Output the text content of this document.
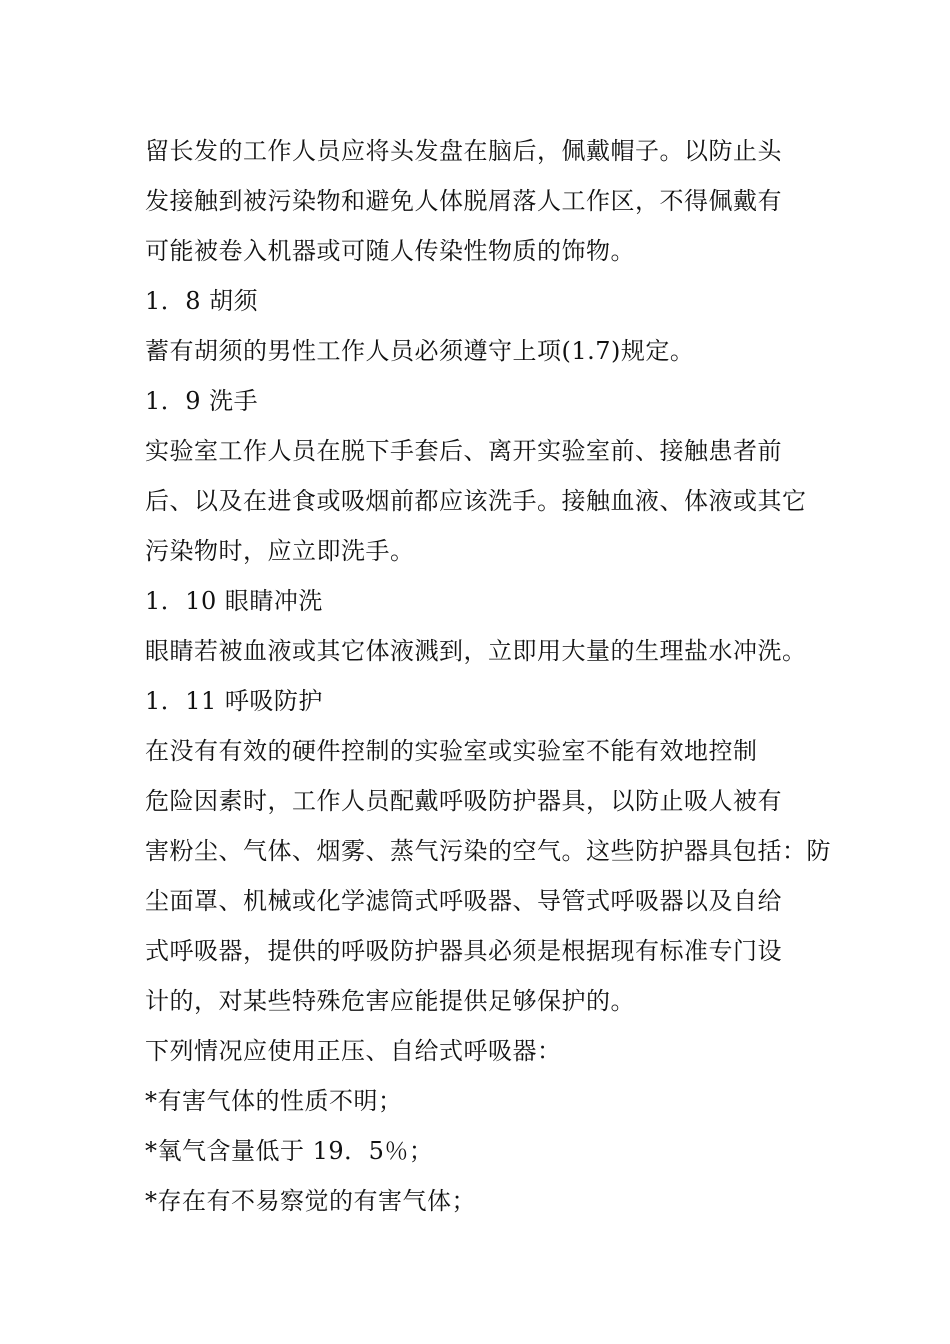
留长发的工作人员应将头发盘在脑后，佩戴帽子。以防止头
发接触到被污染物和避免人体脱屑落人工作区，不得佩戴有
可能被卷入机器或可随人传染性物质的饰物。

1．8 胡须

蓄有胡须的男性工作人员必须遵守上项(1.7)规定。

1．9 洗手

实验室工作人员在脱下手套后、离开实验室前、接触患者前
后、以及在进食或吸烟前都应该洗手。接触血液、体液或其它
污染物时，应立即洗手。

1．10 眼睛冲洗

眼睛若被血液或其它体液溅到，立即用大量的生理盐水冲洗。

1．11 呼吸防护

在没有有效的硬件控制的实验室或实验室不能有效地控制
危险因素时，工作人员配戴呼吸防护器具，以防止吸人被有
害粉尘、气体、烟雾、蒸气污染的空气。这些防护器具包括：防
尘面罩、机械或化学滤筒式呼吸器、导管式呼吸器以及自给
式呼吸器，提供的呼吸防护器具必须是根据现有标准专门设
计的，对某些特殊危害应能提供足够保护的。

下列情况应使用正压、自给式呼吸器：

*有害气体的性质不明；

*氧气含量低于 19．5％；

*存在有不易察觉的有害气体；
